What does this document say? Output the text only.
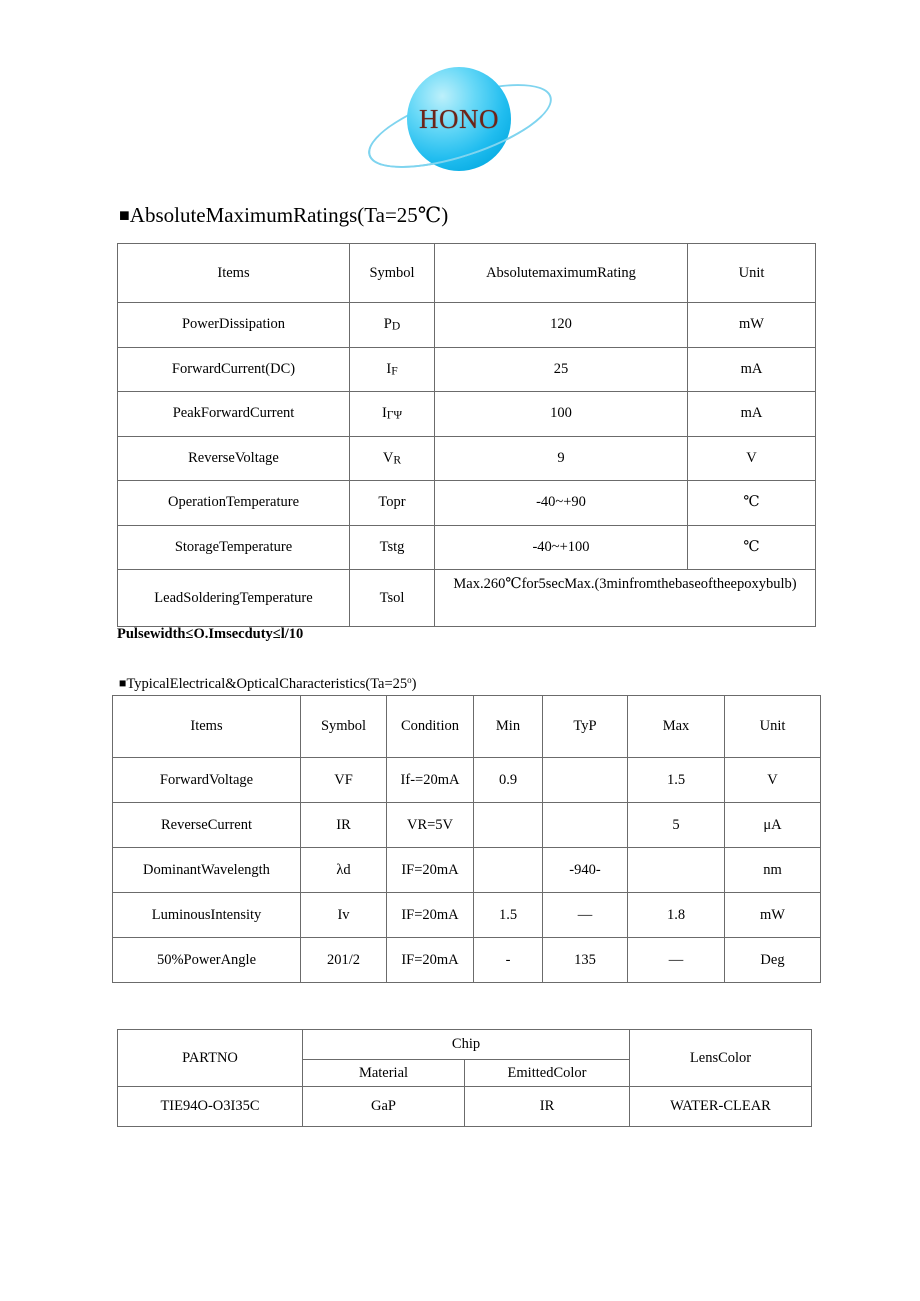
HONO
■AbsoluteMaximumRatings(Ta=25℃)
Items	Symbol	AbsolutemaximumRating	Unit
PowerDissipation	PD	120	mW
ForwardCurrent(DC)	IF	25	mA
PeakForwardCurrent	IΓΨ	100	mA
ReverseVoltage	VR	9	V
OperationTemperature	Topr	-40~+90	℃
StorageTemperature	Tstg	-40~+100	℃
LeadSolderingTemperature	Tsol	Max.260℃for5secMax.(3minfromthebaseoftheepoxybulb)	
Pulsewidth≤O.Imsecduty≤l/10
$■TypicalElectrical\&OpticalCharacteristics(Ta=25^o)$
Items	Symbol	Condition	Min	TyP	Max	Unit
ForwardVoltage	VF	If-=20mA	0.9		1.5	V
ReverseCurrent	IR	VR=5V			5	μA
DominantWavelength	λd	IF=20mA		-940-		nm
LuminousIntensity	Iv	IF=20mA	1.5	—	1.8	mW
50%PowerAngle	201/2	IF=20mA	-	135	—	Deg
PARTNO	Chip		LensColor
	Material	EmittedColor	
TIE94O-O3I35C	GaP	IR	WATER-CLEAR
